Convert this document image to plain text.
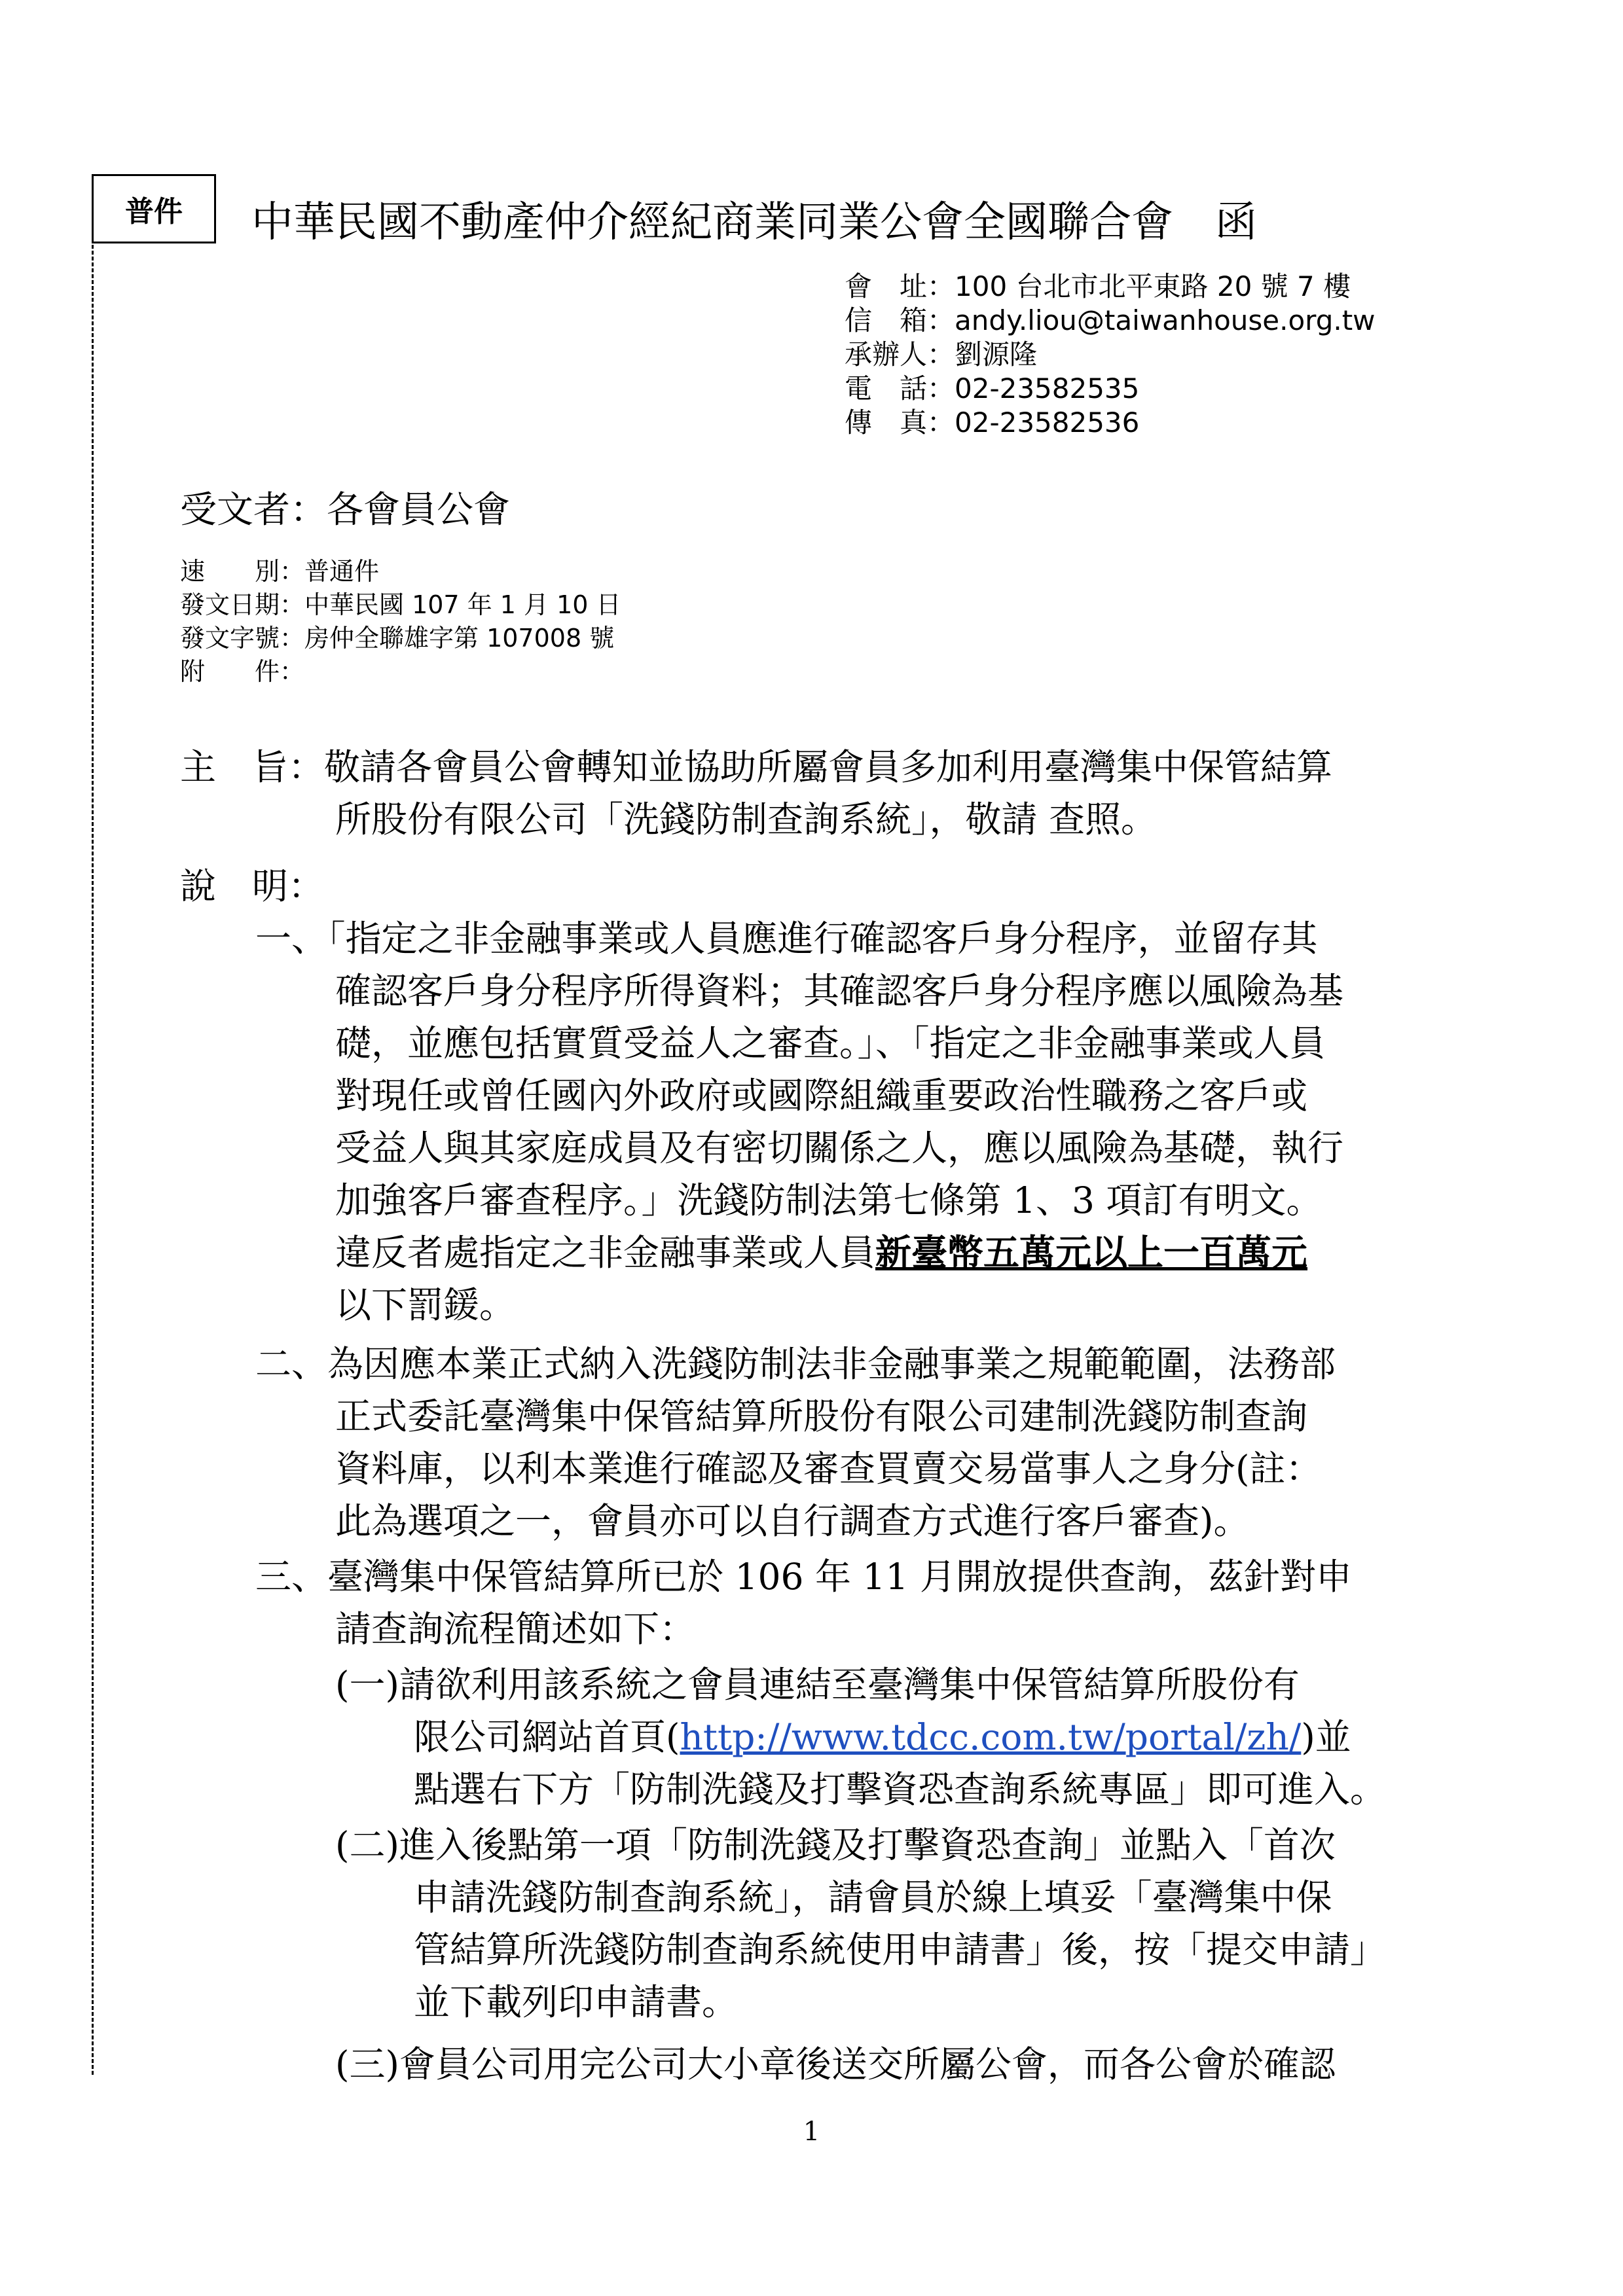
普件	中華民國不動產仲介經紀商業同業公會全國聯合會　函
會　址：100 台北市北平東路 20 號 7 樓
信　箱：andy.liou@taiwanhouse.org.tw
承辦人：劉源隆
電　話：02-23582535
傳　真：02-23582536
受文者：各會員公會
速　　別：普通件
發文日期：中華民國 107 年 1 月 10 日
發文字號：房仲全聯雄字第 107008 號
附　　件：
主　旨：敬請各會員公會轉知並協助所屬會員多加利用臺灣集中保管結算
所股份有限公司「洗錢防制查詢系統」，敬請 查照。
說　明：
一、「指定之非金融事業或人員應進行確認客戶身分程序，並留存其
確認客戶身分程序所得資料；其確認客戶身分程序應以風險為基
礎，並應包括實質受益人之審查。」、「指定之非金融事業或人員
對現任或曾任國內外政府或國際組織重要政治性職務之客戶或
受益人與其家庭成員及有密切關係之人，應以風險為基礎，執行
加強客戶審查程序。」洗錢防制法第七條第 1、3 項訂有明文。
違反者處指定之非金融事業或人員新臺幣五萬元以上一百萬元
以下罰鍰。
二、為因應本業正式納入洗錢防制法非金融事業之規範範圍，法務部
正式委託臺灣集中保管結算所股份有限公司建制洗錢防制查詢
資料庫，以利本業進行確認及審查買賣交易當事人之身分(註：
此為選項之一，會員亦可以自行調查方式進行客戶審查)。
三、臺灣集中保管結算所已於 106 年 11 月開放提供查詢，茲針對申
請查詢流程簡述如下：
(一)請欲利用該系統之會員連結至臺灣集中保管結算所股份有
限公司網站首頁(http://www.tdcc.com.tw/portal/zh/)並
點選右下方「防制洗錢及打擊資恐查詢系統專區」即可進入。
(二)進入後點第一項「防制洗錢及打擊資恐查詢」並點入「首次
申請洗錢防制查詢系統」，請會員於線上填妥「臺灣集中保
管結算所洗錢防制查詢系統使用申請書」後，按「提交申請」
並下載列印申請書。
(三)會員公司用完公司大小章後送交所屬公會，而各公會於確認
1
